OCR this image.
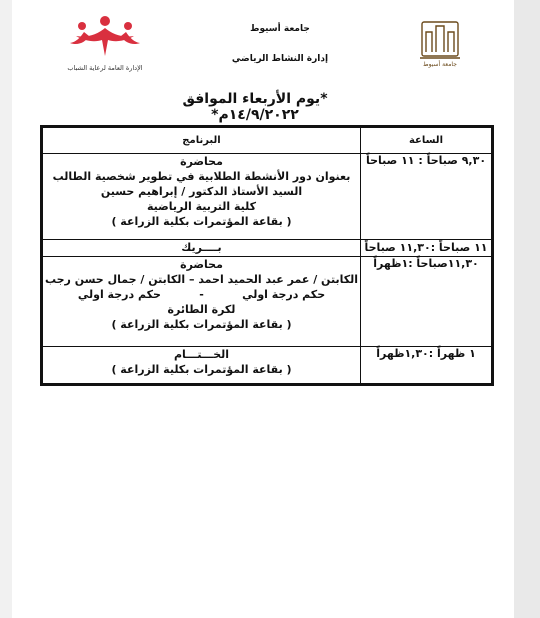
الإدارة العامة لرعاية الشباب	جامعة أسيوط
جامعة أسيوط
إدارة النشاط الرياضي
*يوم الأربعاء الموافق ١٤/٩/٢٠٢٢م*
الساعة	البرنامج
٩,٣٠ صباحاً : ١١ صباحاً	محاضرة
بعنوان دور الأنشطة الطلابية في تطوير شخصية الطالب
السيد الأستاذ الدكتور / إبراهيم حسين
كلية التربية الرياضية
( بقاعة المؤتمرات بكلية الزراعة )

١١ صباحاً :١١,٣٠ صباحاً	بــــريك

١١,٣٠صباحاً :١ظهراً	محاضرة
الكابتن / عمر عبد الحميد احمد – الكابتن / جمال حسن رجب
حكم درجة اولي          -          حكم درجة اولي
لكرة الطائرة
( بقاعة المؤتمرات بكلية الزراعة )

١ ظهراً :١,٣٠ظهراً	الخـــتـــام
( بقاعة المؤتمرات بكلية الزراعة )
